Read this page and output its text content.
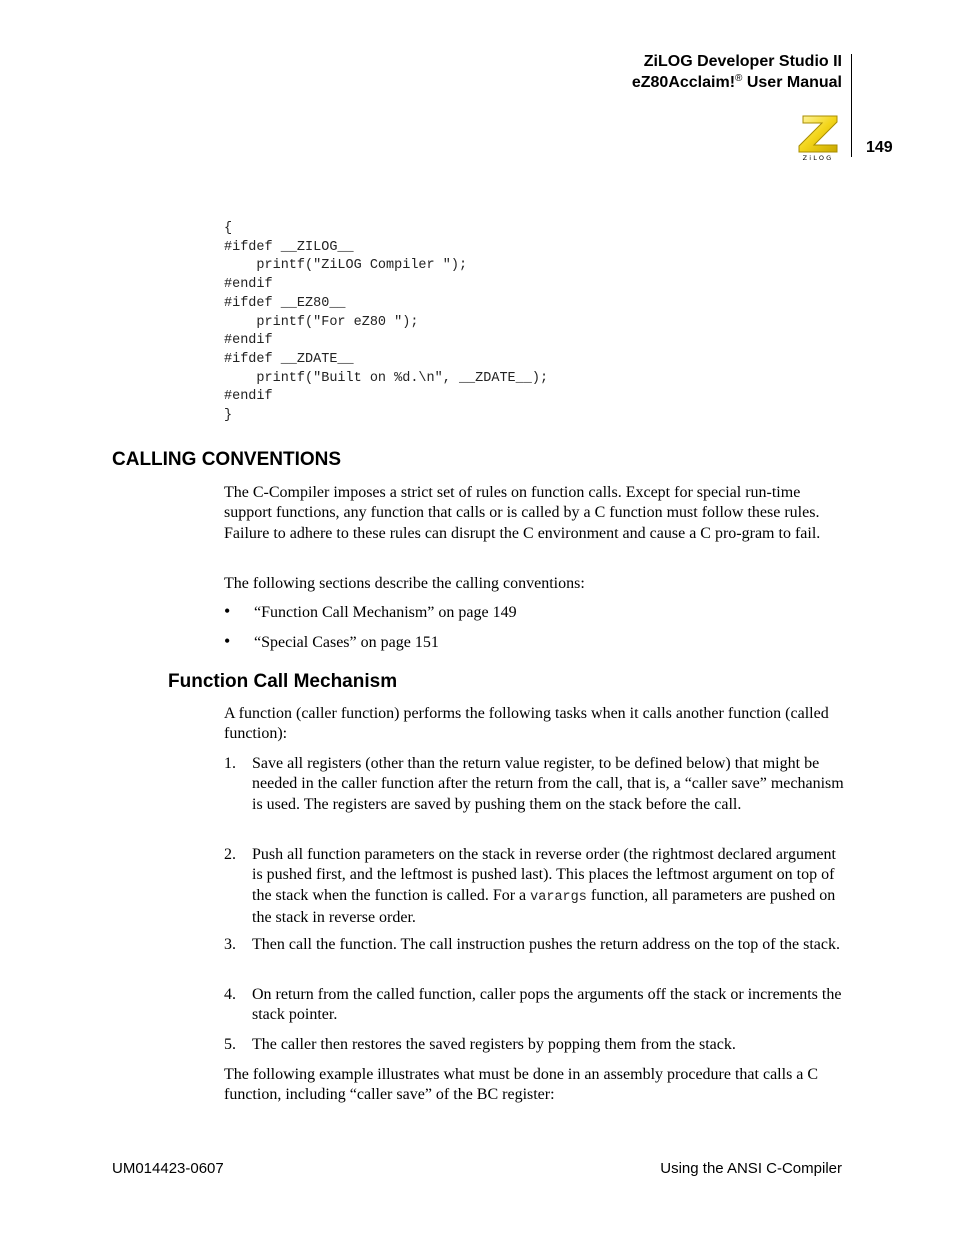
ZiLOG Developer Studio II
eZ80Acclaim!® User Manual
ZiLOG
149
{
#ifdef __ZILOG__
printf("ZiLOG Compiler ");
#endif
#ifdef __EZ80__
printf("For eZ80 ");
#endif
#ifdef __ZDATE__
printf("Built on %d.\n", __ZDATE__);
#endif
}
CALLING CONVENTIONS

The C-Compiler imposes a strict set of rules on function calls. Except for special run-time support functions, any function that calls or is called by a C function must follow these rules. Failure to adhere to these rules can disrupt the C environment and cause a C pro-gram to fail.

The following sections describe the calling conventions:

• “Function Call Mechanism” on page 149
• “Special Cases” on page 151
Function Call Mechanism

A function (caller function) performs the following tasks when it calls another function (called function):

1. Save all registers (other than the return value register, to be defined below) that might be needed in the caller function after the return from the call, that is, a “caller save” mechanism is used. The registers are saved by pushing them on the stack before the call.
2. Push all function parameters on the stack in reverse order (the rightmost declared argument is pushed first, and the leftmost is pushed last). This places the leftmost argument on top of the stack when the function is called. For a varargs function, all parameters are pushed on the stack in reverse order.
3. Then call the function. The call instruction pushes the return address on the top of the stack.
4. On return from the called function, caller pops the arguments off the stack or increments the stack pointer.
5. The caller then restores the saved registers by popping them from the stack.

The following example illustrates what must be done in an assembly procedure that calls a C function, including “caller save” of the BC register:

UM014423-0607	Using the ANSI C-Compiler
